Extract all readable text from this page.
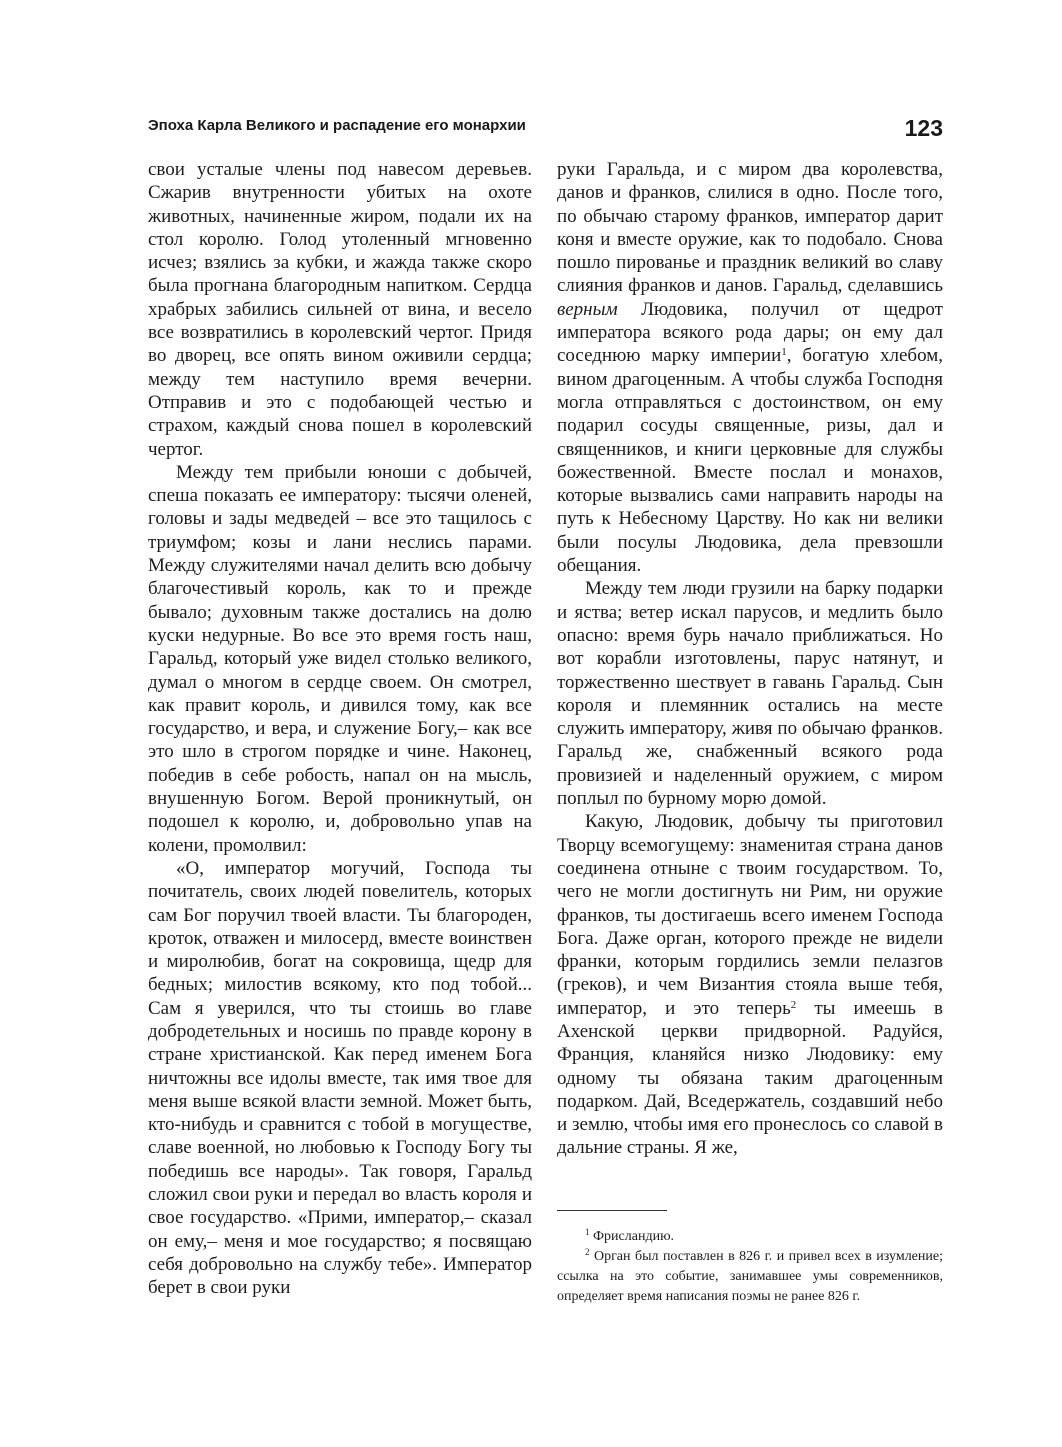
Эпоха Карла Великого и распадение его монархии	123

свои усталые члены под навесом деревьев. Сжарив внутренности убитых на охоте животных, начиненные жиром, подали их на стол королю. Голод утоленный мгновенно исчез; взялись за кубки, и жажда также скоро была прогнана благородным напитком. Сердца храбрых забились сильней от вина, и весело все возвратились в королевский чертог. Придя во дворец, все опять вином оживили сердца; между тем наступило время вечерни. Отправив и это с подобающей честью и страхом, каждый снова пошел в королевский чертог.

Между тем прибыли юноши с добычей, спеша показать ее императору: тысячи оленей, головы и зады медведей – все это тащилось с триумфом; козы и лани неслись парами. Между служителями начал делить всю добычу благочестивый король, как то и прежде бывало; духовным также достались на долю куски недурные. Во все это время гость наш, Гаральд, который уже видел столько великого, думал о многом в сердце своем. Он смотрел, как правит король, и дивился тому, как все государство, и вера, и служение Богу,– как все это шло в строгом порядке и чине. Наконец, победив в себе робость, напал он на мысль, внушенную Богом. Верой проникнутый, он подошел к королю, и, добровольно упав на колени, промолвил:

«О, император могучий, Господа ты почитатель, своих людей повелитель, которых сам Бог поручил твоей власти. Ты благороден, кроток, отважен и милосерд, вместе воинствен и миролюбив, богат на сокровища, щедр для бедных; милостив всякому, кто под тобой... Сам я уверился, что ты стоишь во главе добродетельных и носишь по правде корону в стране христианской. Как перед именем Бога ничтожны все идолы вместе, так имя твое для меня выше всякой власти земной. Может быть, кто-нибудь и сравнится с тобой в могуществе, славе военной, но любовью к Господу Богу ты победишь все народы». Так говоря, Гаральд сложил свои руки и передал во власть короля и свое государство. «Прими, император,– сказал он ему,– меня и мое государство; я посвящаю себя добровольно на службу тебе». Император берет в свои руки

руки Гаральда, и с миром два королевства, данов и франков, слилися в одно. После того, по обычаю старому франков, император дарит коня и вместе оружие, как то подобало. Снова пошло пированье и праздник великий во славу слияния франков и данов. Гаральд, сделавшись верным Людовика, получил от щедрот императора всякого рода дары; он ему дал соседнюю марку империи$^1$, богатую хлебом, вином драгоценным. А чтобы служба Господня могла отправляться с достоинством, он ему подарил сосуды священные, ризы, дал и священников, и книги церковные для службы божественной. Вместе послал и монахов, которые вызвались сами направить народы на путь к Небесному Царству. Но как ни велики были посулы Людовика, дела превзошли обещания.

Между тем люди грузили на барку подарки и яства; ветер искал парусов, и медлить было опасно: время бурь начало приближаться. Но вот корабли изготовлены, парус натянут, и торжественно шествует в гавань Гаральд. Сын короля и племянник остались на месте служить императору, живя по обычаю франков. Гаральд же, снабженный всякого рода провизией и наделенный оружием, с миром поплыл по бурному морю домой.

Какую, Людовик, добычу ты приготовил Творцу всемогущему: знаменитая страна данов соединена отныне с твоим государством. То, чего не могли достигнуть ни Рим, ни оружие франков, ты достигаешь всего именем Господа Бога. Даже орган, которого прежде не видели франки, которым гордились земли пелазгов (греков), и чем Византия стояла выше тебя, император, и это теперь$^2$ ты имеешь в Ахенской церкви придворной. Радуйся, Франция, кланяйся низко Людовику: ему одному ты обязана таким драгоценным подарком. Дай, Вседержатель, создавший небо и землю, чтобы имя его пронеслось со славой в дальние страны. Я же,

$^1$ Фрисландию.

$^2$ Орган был поставлен в 826 г. и привел всех в изумление; ссылка на это событие, занимавшее умы современников, определяет время написания поэмы не ранее 826 г.
